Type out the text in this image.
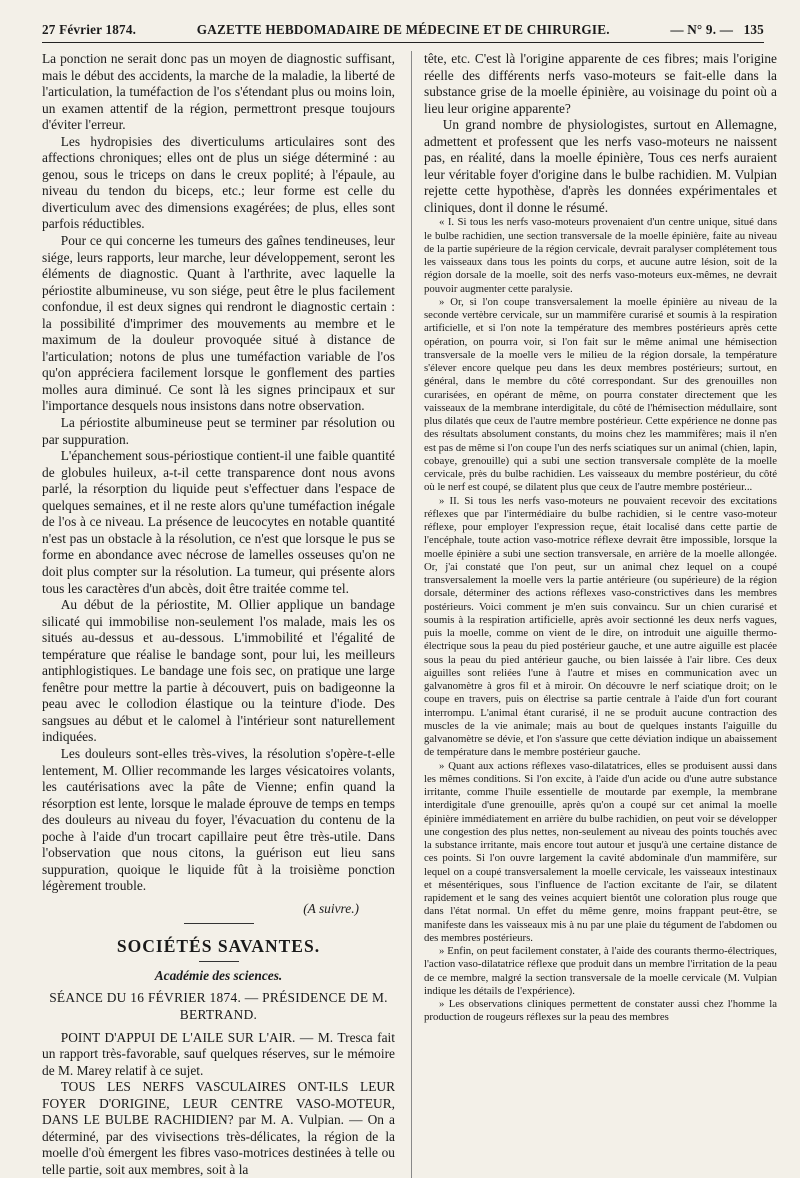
27 Février 1874.	GAZETTE HEBDOMADAIRE DE MÉDECINE ET DE CHIRURGIE.	— N° 9. — 135

La ponction ne serait donc pas un moyen de diagnostic suffisant, mais le début des accidents, la marche de la maladie, la liberté de l'articulation, la tuméfaction de l'os s'étendant plus ou moins loin, un examen attentif de la région, permettront presque toujours d'éviter l'erreur.

Les hydropisies des diverticulums articulaires sont des affections chroniques; elles ont de plus un siége déterminé : au genou, sous le triceps on dans le creux poplité; à l'épaule, au niveau du tendon du biceps, etc.; leur forme est celle du diverticulum avec des dimensions exagérées; de plus, elles sont parfois réductibles.

Pour ce qui concerne les tumeurs des gaînes tendineuses, leur siége, leurs rapports, leur marche, leur développement, seront les éléments de diagnostic. Quant à l'arthrite, avec laquelle la périostite albumineuse, vu son siége, peut être le plus facilement confondue, il est deux signes qui rendront le diagnostic certain : la possibilité d'imprimer des mouvements au membre et le maximum de la douleur provoquée situé à distance de l'articulation; notons de plus une tuméfaction variable de l'os qu'on appréciera facilement lorsque le gonflement des parties molles aura diminué. Ce sont là les signes principaux et sur l'importance desquels nous insistons dans notre observation.

La périostite albumineuse peut se terminer par résolution ou par suppuration.

L'épanchement sous-périostique contient-il une faible quantité de globules huileux, a-t-il cette transparence dont nous avons parlé, la résorption du liquide peut s'effectuer dans l'espace de quelques semaines, et il ne reste alors qu'une tuméfaction inégale de l'os à ce niveau. La présence de leucocytes en notable quantité n'est pas un obstacle à la résolution, ce n'est que lorsque le pus se forme en abondance avec nécrose de lamelles osseuses qu'on ne doit plus compter sur la résolution. La tumeur, qui présente alors tous les caractères d'un abcès, doit être traitée comme tel.

Au début de la périostite, M. Ollier applique un bandage silicaté qui immobilise non-seulement l'os malade, mais les os situés au-dessus et au-dessous. L'immobilité et l'égalité de température que réalise le bandage sont, pour lui, les meilleurs antiphlogistiques. Le bandage une fois sec, on pratique une large fenêtre pour mettre la partie à découvert, puis on badigeonne la peau avec le collodion élastique ou la teinture d'iode. Des sangsues au début et le calomel à l'intérieur sont naturellement indiquées.

Les douleurs sont-elles très-vives, la résolution s'opère-t-elle lentement, M. Ollier recommande les larges vésicatoires volants, les cautérisations avec la pâte de Vienne; enfin quand la résorption est lente, lorsque le malade éprouve de temps en temps des douleurs au niveau du foyer, l'évacuation du contenu de la poche à l'aide d'un trocart capillaire peut être très-utile. Dans l'observation que nous citons, la guérison eut lieu sans suppuration, quoique le liquide fût à la troisième ponction légèrement trouble.

(A suivre.)

SOCIÉTÉS SAVANTES.
Académie des sciences.

SÉANCE DU 16 FÉVRIER 1874. — PRÉSIDENCE DE M. BERTRAND.

POINT D'APPUI DE L'AILE SUR L'AIR. — M. Tresca fait un rapport très-favorable, sauf quelques réserves, sur le mémoire de M. Marey relatif à ce sujet.

TOUS LES NERFS VASCULAIRES ONT-ILS LEUR FOYER D'ORIGINE, LEUR CENTRE VASO-MOTEUR, DANS LE BULBE RACHIDIEN? par M. A. Vulpian. — On a déterminé, par des vivisections très-délicates, la région de la moelle d'où émergent les fibres vaso-motrices destinées à telle ou telle partie, soit aux membres, soit à la

tête, etc. C'est là l'origine apparente de ces fibres; mais l'origine réelle des différents nerfs vaso-moteurs se fait-elle dans la substance grise de la moelle épinière, au voisinage du point où a lieu leur origine apparente?

Un grand nombre de physiologistes, surtout en Allemagne, admettent et professent que les nerfs vaso-moteurs ne naissent pas, en réalité, dans la moelle épinière, Tous ces nerfs auraient leur véritable foyer d'origine dans le bulbe rachidien. M. Vulpian rejette cette hypothèse, d'après les données expérimentales et cliniques, dont il donne le résumé.

« I. Si tous les nerfs vaso-moteurs provenaient d'un centre unique, situé dans le bulbe rachidien, une section transversale de la moelle épinière, faite au niveau de la partie supérieure de la région cervicale, devrait paralyser complétement tous les vaisseaux dans tous les points du corps, et aucune autre lésion, soit de la région dorsale de la moelle, soit des nerfs vaso-moteurs eux-mêmes, ne devrait pouvoir augmenter cette paralysie.

» Or, si l'on coupe transversalement la moelle épinière au niveau de la seconde vertèbre cervicale, sur un mammifère curarisé et soumis à la respiration artificielle, et si l'on note la température des membres postérieurs après cette opération, on pourra voir, si l'on fait sur le même animal une hémisection transversale de la moelle vers le milieu de la région dorsale, la température s'élever encore quelque peu dans les deux membres postérieurs; surtout, en général, dans le membre du côté correspondant. Sur des grenouilles non curarisées, en opérant de même, on pourra constater directement que les vaisseaux de la membrane interdigitale, du côté de l'hémisection médullaire, sont plus dilatés que ceux de l'autre membre postérieur. Cette expérience ne donne pas des résultats absolument constants, du moins chez les mammifères; mais il n'en est pas de même si l'on coupe l'un des nerfs sciatiques sur un animal (chien, lapin, cobaye, grenouille) qui a subi une section transversale complète de la moelle cervicale, près du bulbe rachidien. Les vaisseaux du membre postérieur, du côté où le nerf est coupé, se dilatent plus que ceux de l'autre membre postérieur...

» II. Si tous les nerfs vaso-moteurs ne pouvaient recevoir des excitations réflexes que par l'intermédiaire du bulbe rachidien, si le centre vaso-moteur réflexe, pour employer l'expression reçue, était localisé dans cette partie de l'encéphale, toute action vaso-motrice réflexe devrait être impossible, lorsque la moelle épinière a subi une section transversale, en arrière de la moelle allongée. Or, j'ai constaté que l'on peut, sur un animal chez lequel on a coupé transversalement la moelle vers la partie antérieure (ou supérieure) de la région dorsale, déterminer des actions réflexes vaso-constrictives dans les membres postérieurs. Voici comment je m'en suis convaincu. Sur un chien curarisé et soumis à la respiration artificielle, après avoir sectionné les deux nerfs vagues, puis la moelle, comme on vient de le dire, on introduit une aiguille thermo-électrique sous la peau du pied postérieur gauche, et une autre aiguille est placée sous la peau du pied antérieur gauche, ou bien laissée à l'air libre. Ces deux aiguilles sont reliées l'une à l'autre et mises en communication avec un galvanomètre à gros fil et à miroir. On découvre le nerf sciatique droit; on le coupe en travers, puis on électrise sa partie centrale à l'aide d'un fort courant interrompu. L'animal étant curarisé, il ne se produit aucune contraction des muscles de la vie animale; mais au bout de quelques instants l'aiguille du galvanomètre se dévie, et l'on s'assure que cette déviation indique un abaissement de température dans le membre postérieur gauche.

» Quant aux actions réflexes vaso-dilatatrices, elles se produisent aussi dans les mêmes conditions. Si l'on excite, à l'aide d'un acide ou d'une autre substance irritante, comme l'huile essentielle de moutarde par exemple, la membrane interdigitale d'une grenouille, après qu'on a coupé sur cet animal la moelle épinière immédiatement en arrière du bulbe rachidien, on peut voir se développer une congestion des plus nettes, non-seulement au niveau des points touchés avec la substance irritante, mais encore tout autour et jusqu'à une certaine distance de ces points. Si l'on ouvre largement la cavité abdominale d'un mammifère, sur lequel on a coupé transversalement la moelle cervicale, les vaisseaux intestinaux et mésentériques, sous l'influence de l'action excitante de l'air, se dilatent rapidement et le sang des veines acquiert bientôt une coloration plus rouge que dans l'état normal. Un effet du même genre, moins frappant peut-être, se manifeste dans les vaisseaux mis à nu par une plaie du tégument de l'abdomen ou des membres postérieurs.

» Enfin, on peut facilement constater, à l'aide des courants thermo-électriques, l'action vaso-dilatatrice réflexe que produit dans un membre l'irritation de la peau de ce membre, malgré la section transversale de la moelle cervicale (M. Vulpian indique les détails de l'expérience).

» Les observations cliniques permettent de constater aussi chez l'homme la production de rougeurs réflexes sur la peau des membres
